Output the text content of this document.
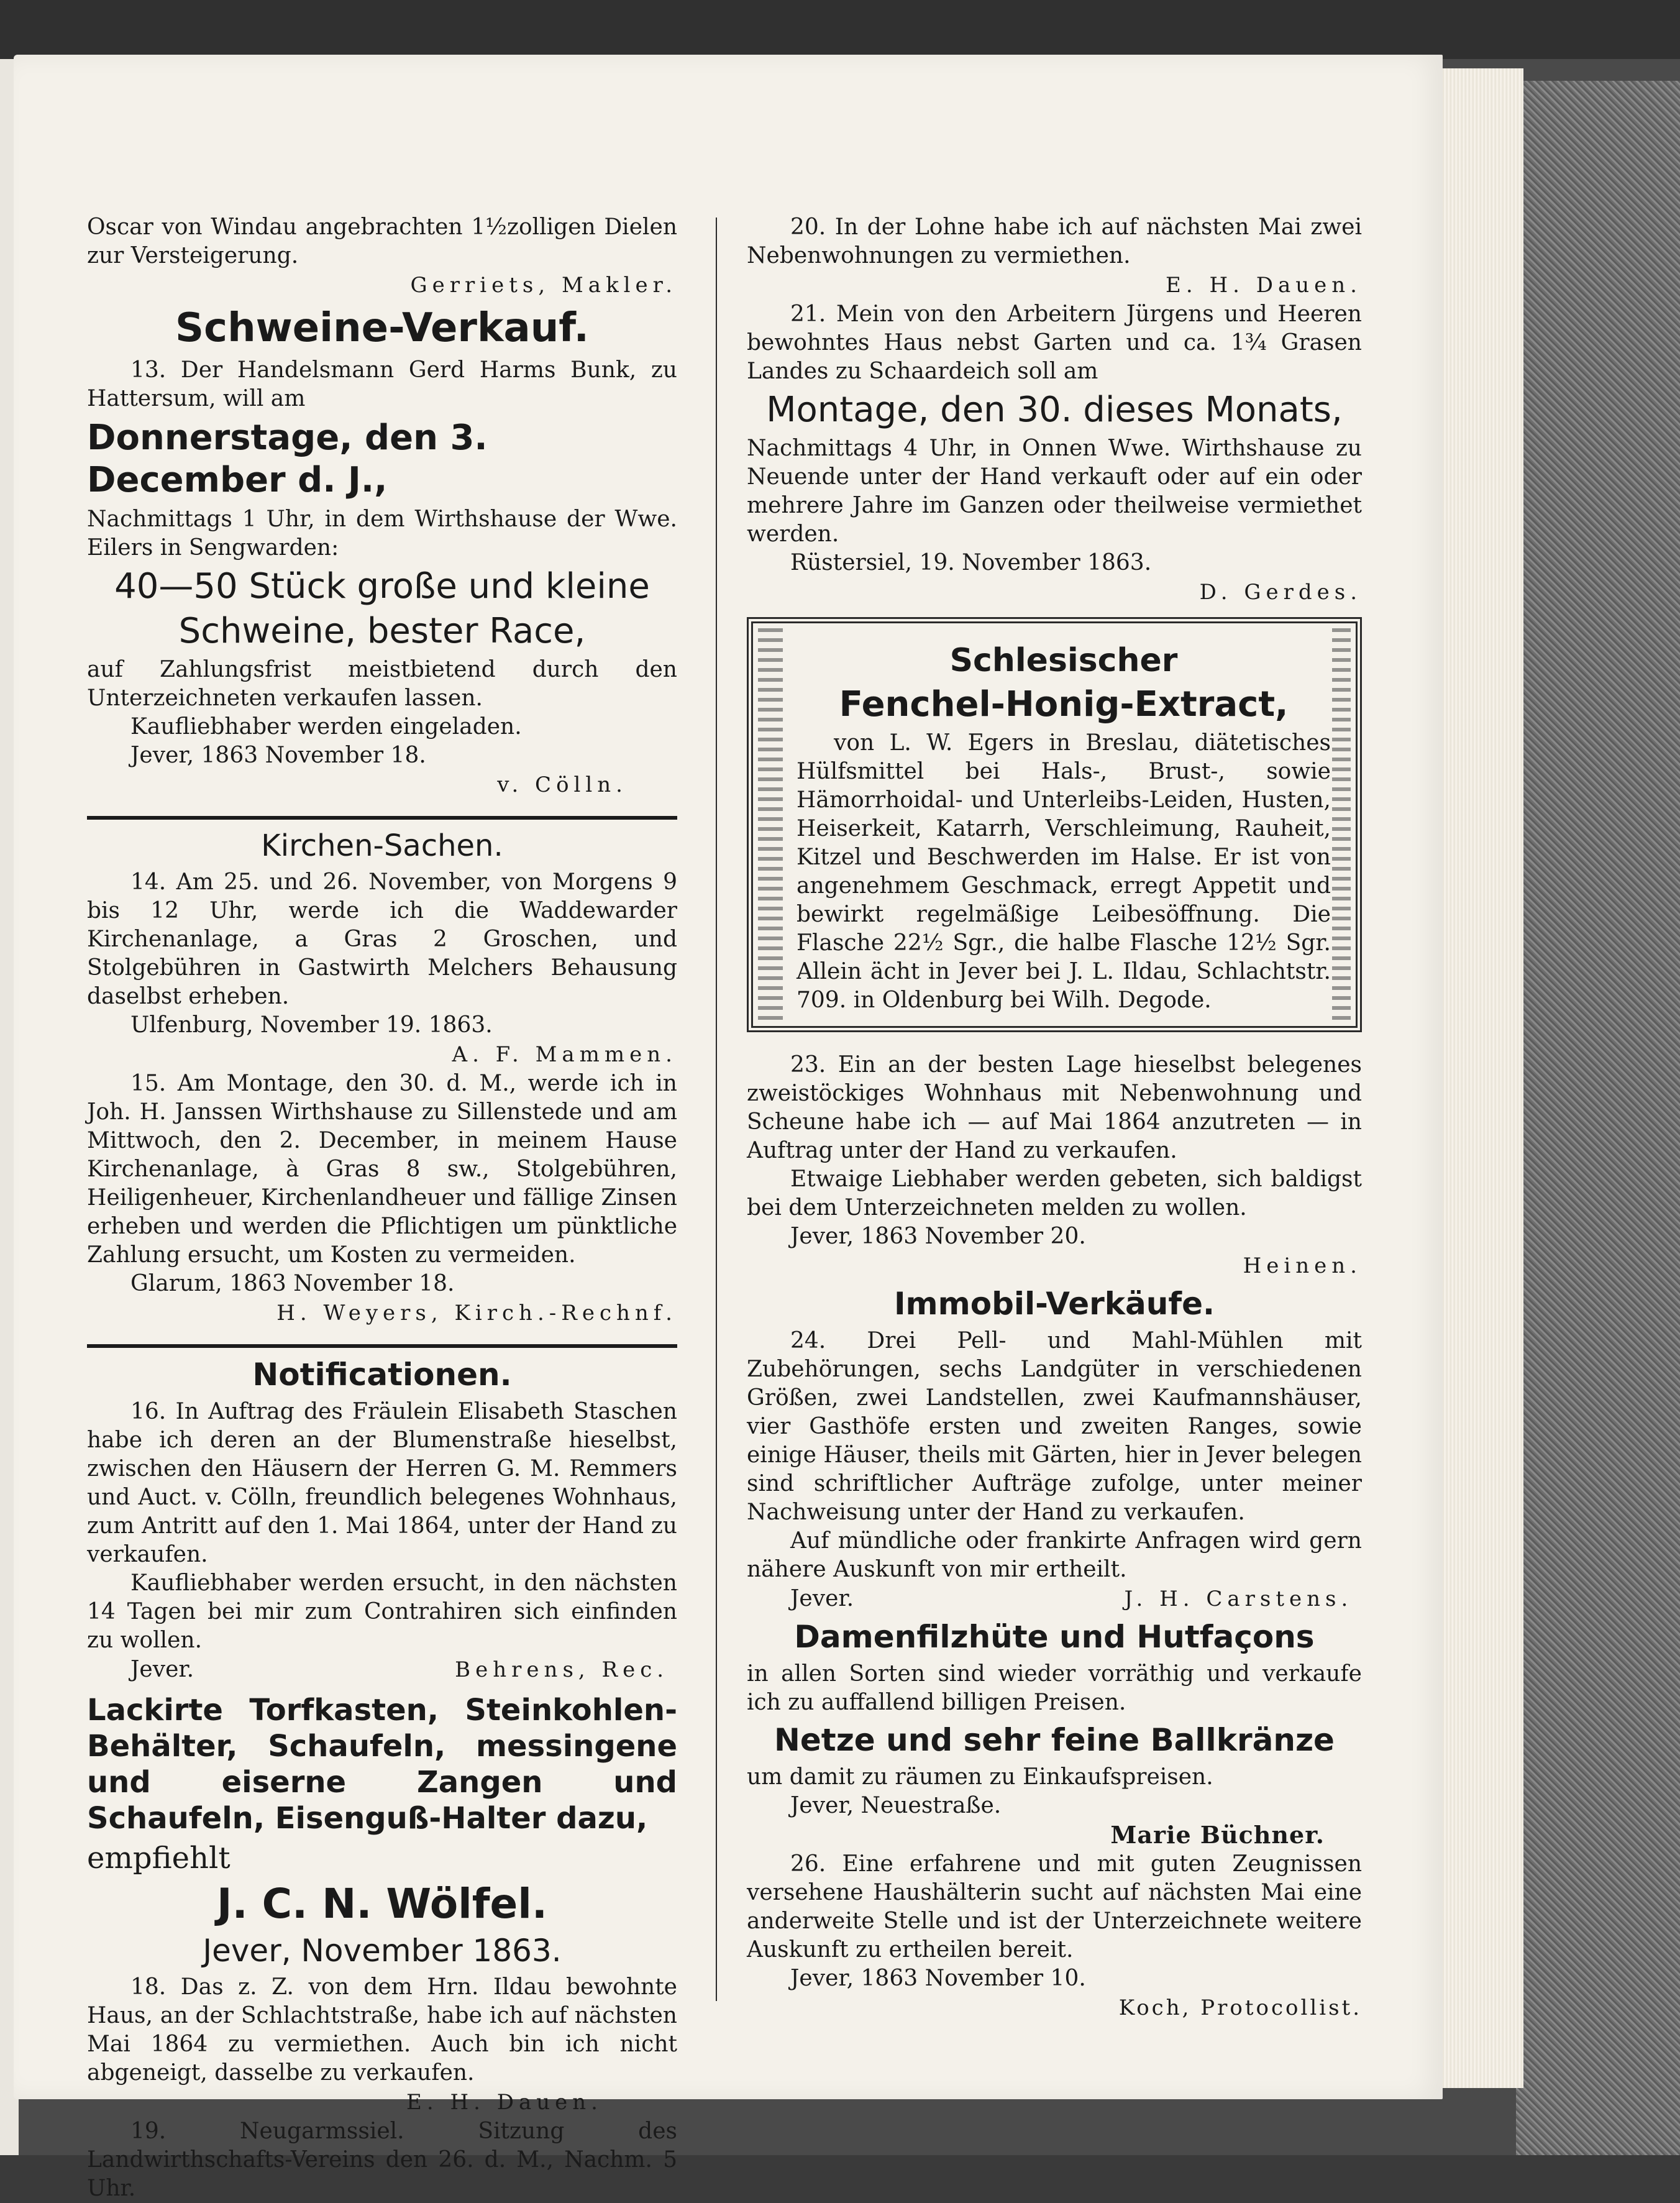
Oscar von Windau angebrachten 1½zolligen Dielen zur Versteigerung.

Gerriets, Makler.

Schweine-Verkauf.

13. Der Handelsmann Gerd Harms Bunk, zu Hattersum, will am

Donnerstage, den 3. December d. J.,

Nachmittags 1 Uhr, in dem Wirthshause der Wwe. Eilers in Sengwarden:

40—50 Stück große und kleine
Schweine, bester Race,

auf Zahlungsfrist meistbietend durch den Unterzeichneten verkaufen lassen.

Kaufliebhaber werden eingeladen.

Jever, 1863 November 18.

v. Cölln.

Kirchen-Sachen.

14. Am 25. und 26. November, von Morgens 9 bis 12 Uhr, werde ich die Waddewarder Kirchenanlage, a Gras 2 Groschen, und Stolgebühren in Gastwirth Melchers Behausung daselbst erheben.

Ulfenburg, November 19. 1863.

A. F. Mammen.

15. Am Montage, den 30. d. M., werde ich in Joh. H. Janssen Wirthshause zu Sillenstede und am Mittwoch, den 2. December, in meinem Hause Kirchenanlage, à Gras 8 sw., Stolgebühren, Heiligenheuer, Kirchenlandheuer und fällige Zinsen erheben und werden die Pflichtigen um pünktliche Zahlung ersucht, um Kosten zu vermeiden.

Glarum, 1863 November 18.

H. Weyers, Kirch.-Rechnf.

Notificationen.

16. In Auftrag des Fräulein Elisabeth Staschen habe ich deren an der Blumenstraße hieselbst, zwischen den Häusern der Herren G. M. Remmers und Auct. v. Cölln, freundlich belegenes Wohnhaus, zum Antritt auf den 1. Mai 1864, unter der Hand zu verkaufen.

Kaufliebhaber werden ersucht, in den nächsten 14 Tagen bei mir zum Contrahiren sich einfinden zu wollen.

Jever.

	Behrens, Rec.

Lackirte Torfkasten, Steinkohlen-Behälter, Schaufeln, messingene und eiserne Zangen und Schaufeln, Eisenguß-Halter dazu,

empfiehlt

J. C. N. Wölfel.
Jever, November 1863.

18. Das z. Z. von dem Hrn. Ildau bewohnte Haus, an der Schlachtstraße, habe ich auf nächsten Mai 1864 zu vermiethen. Auch bin ich nicht abgeneigt, dasselbe zu verkaufen.

E. H. Dauen.

19. Neugarmssiel. Sitzung des Landwirthschafts-Vereins den 26. d. M., Nachm. 5 Uhr.

20. In der Lohne habe ich auf nächsten Mai zwei Nebenwohnungen zu vermiethen.

E. H. Dauen.

21. Mein von den Arbeitern Jürgens und Heeren bewohntes Haus nebst Garten und ca. 1¾ Grasen Landes zu Schaardeich soll am

Montage, den 30. dieses Monats,

Nachmittags 4 Uhr, in Onnen Wwe. Wirthshause zu Neuende unter der Hand verkauft oder auf ein oder mehrere Jahre im Ganzen oder theilweise vermiethet werden.

Rüstersiel, 19. November 1863.

D. Gerdes.

Schlesischer
Fenchel-Honig-Extract,

von L. W. Egers in Breslau, diätetisches Hülfsmittel bei Hals-, Brust-, sowie Hämorrhoidal- und Unterleibs-Leiden, Husten, Heiserkeit, Katarrh, Verschleimung, Rauheit, Kitzel und Beschwerden im Halse. Er ist von angenehmem Geschmack, erregt Appetit und bewirkt regelmäßige Leibesöffnung. Die Flasche 22½ Sgr., die halbe Flasche 12½ Sgr. Allein ächt in Jever bei J. L. Ildau, Schlachtstr. 709. in Oldenburg bei Wilh. Degode.

23. Ein an der besten Lage hieselbst belegenes zweistöckiges Wohnhaus mit Nebenwohnung und Scheune habe ich — auf Mai 1864 anzutreten — in Auftrag unter der Hand zu verkaufen.

Etwaige Liebhaber werden gebeten, sich baldigst bei dem Unterzeichneten melden zu wollen.

Jever, 1863 November 20.

Heinen.

Immobil-Verkäufe.

24. Drei Pell- und Mahl-Mühlen mit Zubehörungen, sechs Landgüter in verschiedenen Größen, zwei Landstellen, zwei Kaufmannshäuser, vier Gasthöfe ersten und zweiten Ranges, sowie einige Häuser, theils mit Gärten, hier in Jever belegen sind schriftlicher Aufträge zufolge, unter meiner Nachweisung unter der Hand zu verkaufen.

Auf mündliche oder frankirte Anfragen wird gern nähere Auskunft von mir ertheilt.

Jever.

	J. H. Carstens.

Damenfilzhüte und Hutfaçons

in allen Sorten sind wieder vorräthig und verkaufe ich zu auffallend billigen Preisen.

Netze und sehr feine Ballkränze

um damit zu räumen zu Einkaufspreisen.

Jever, Neuestraße.

Marie Büchner.

26. Eine erfahrene und mit guten Zeugnissen versehene Haushälterin sucht auf nächsten Mai eine anderweite Stelle und ist der Unterzeichnete weitere Auskunft zu ertheilen bereit.

Jever, 1863 November 10.

Koch, Protocollist.
